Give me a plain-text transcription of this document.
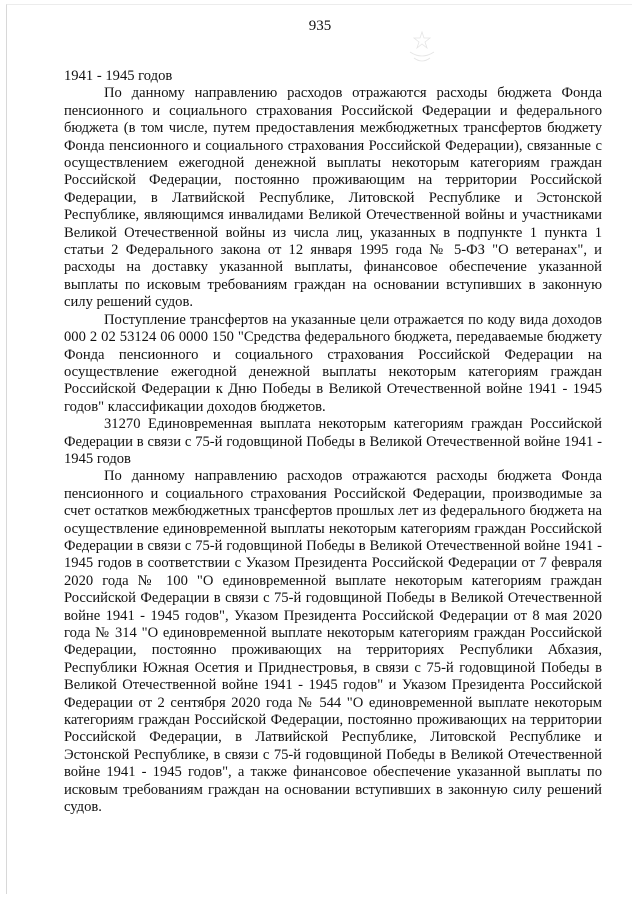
935

1941 - 1945 годов

По данному направлению расходов отражаются расходы бюджета Фонда пенсионного и социального страхования Российской Федерации и федерального бюджета (в том числе, путем предоставления межбюджетных трансфертов бюджету Фонда пенсионного и социального страхования Российской Федерации), связанные с осуществлением ежегодной денежной выплаты некоторым категориям граждан Российской Федерации, постоянно проживающим на территории Российской Федерации, в Латвийской Республике, Литовской Республике и Эстонской Республике, являющимся инвалидами Великой Отечественной войны и участниками Великой Отечественной войны из числа лиц, указанных в подпункте 1 пункта 1 статьи 2 Федерального закона от 12 января 1995 года № 5-ФЗ "О ветеранах", и расходы на доставку указанной выплаты, финансовое обеспечение указанной выплаты по исковым требованиям граждан на основании вступивших в законную силу решений судов.

Поступление трансфертов на указанные цели отражается по коду вида доходов 000 2 02 53124 06 0000 150 "Средства федерального бюджета, передаваемые бюджету Фонда пенсионного и социального страхования Российской Федерации на осуществление ежегодной денежной выплаты некоторым категориям граждан Российской Федерации к Дню Победы в Великой Отечественной войне 1941 - 1945 годов" классификации доходов бюджетов.

31270 Единовременная выплата некоторым категориям граждан Российской Федерации в связи с 75-й годовщиной Победы в Великой Отечественной войне 1941 - 1945 годов

По данному направлению расходов отражаются расходы бюджета Фонда пенсионного и социального страхования Российской Федерации, производимые за счет остатков межбюджетных трансфертов прошлых лет из федерального бюджета на осуществление единовременной выплаты некоторым категориям граждан Российской Федерации в связи с 75-й годовщиной Победы в Великой Отечественной войне 1941 - 1945 годов в соответствии с Указом Президента Российской Федерации от 7 февраля 2020 года № 100 "О единовременной выплате некоторым категориям граждан Российской Федерации в связи с 75-й годовщиной Победы в Великой Отечественной войне 1941 - 1945 годов", Указом Президента Российской Федерации от 8 мая 2020 года № 314 "О единовременной выплате некоторым категориям граждан Российской Федерации, постоянно проживающих на территориях Республики Абхазия, Республики Южная Осетия и Приднестровья, в связи с 75-й годовщиной Победы в Великой Отечественной войне 1941 - 1945 годов" и Указом Президента Российской Федерации от 2 сентября 2020 года № 544 "О единовременной выплате некоторым категориям граждан Российской Федерации, постоянно проживающих на территории Российской Федерации, в Латвийской Республике, Литовской Республике и Эстонской Республике, в связи с 75-й годовщиной Победы в Великой Отечественной войне 1941 - 1945 годов", а также финансовое обеспечение указанной выплаты по исковым требованиям граждан на основании вступивших в законную силу решений судов.
